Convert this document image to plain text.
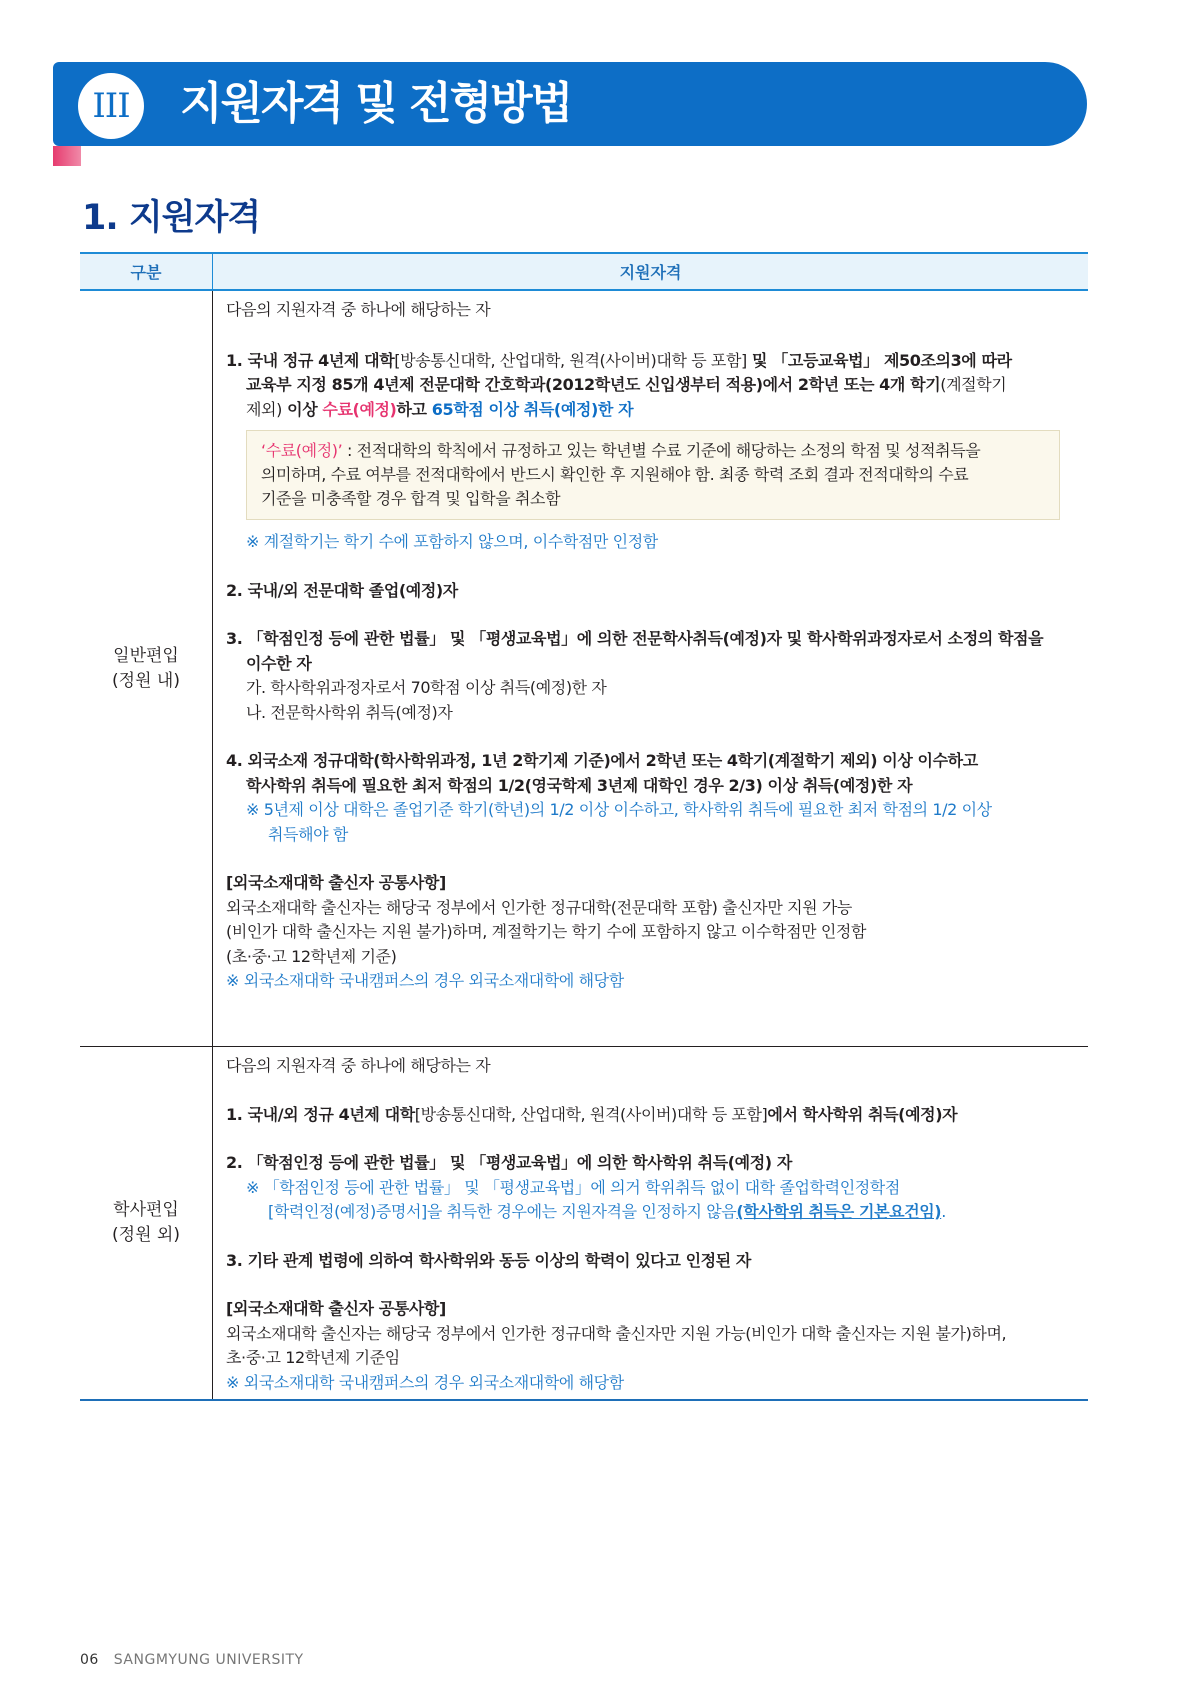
III	지원자격 및 전형방법
1. 지원자격
구분	지원자격
일반편입
(정원 내)
다음의 지원자격 중 하나에 해당하는 자
1. 국내 정규 4년제 대학[방송통신대학, 산업대학, 원격(사이버)대학 등 포함] 및 「고등교육법」 제50조의3에 따라
교육부 지정 85개 4년제 전문대학 간호학과(2012학년도 신입생부터 적용)에서 2학년 또는 4개 학기(계절학기
제외) 이상 수료(예정)하고 65학점 이상 취득(예정)한 자
‘수료(예정)’ : 전적대학의 학칙에서 규정하고 있는 학년별 수료 기준에 해당하는 소정의 학점 및 성적취득을
의미하며, 수료 여부를 전적대학에서 반드시 확인한 후 지원해야 함. 최종 학력 조회 결과 전적대학의 수료
기준을 미충족할 경우 합격 및 입학을 취소함
※ 계절학기는 학기 수에 포함하지 않으며, 이수학점만 인정함
2. 국내/외 전문대학 졸업(예정)자
3. 「학점인정 등에 관한 법률」 및 「평생교육법」에 의한 전문학사취득(예정)자 및 학사학위과정자로서 소정의 학점을
이수한 자
가. 학사학위과정자로서 70학점 이상 취득(예정)한 자
나. 전문학사학위 취득(예정)자
4. 외국소재 정규대학(학사학위과정, 1년 2학기제 기준)에서 2학년 또는 4학기(계절학기 제외) 이상 이수하고
학사학위 취득에 필요한 최저 학점의 1/2(영국학제 3년제 대학인 경우 2/3) 이상 취득(예정)한 자
※ 5년제 이상 대학은 졸업기준 학기(학년)의 1/2 이상 이수하고, 학사학위 취득에 필요한 최저 학점의 1/2 이상
취득해야 함
[외국소재대학 출신자 공통사항]
외국소재대학 출신자는 해당국 정부에서 인가한 정규대학(전문대학 포함) 출신자만 지원 가능
(비인가 대학 출신자는 지원 불가)하며, 계절학기는 학기 수에 포함하지 않고 이수학점만 인정함
(초·중·고 12학년제 기준)
※ 외국소재대학 국내캠퍼스의 경우 외국소재대학에 해당함
학사편입
(정원 외)
다음의 지원자격 중 하나에 해당하는 자
1. 국내/외 정규 4년제 대학[방송통신대학, 산업대학, 원격(사이버)대학 등 포함]에서 학사학위 취득(예정)자
2. 「학점인정 등에 관한 법률」 및 「평생교육법」에 의한 학사학위 취득(예정) 자
※ 「학점인정 등에 관한 법률」 및 「평생교육법」에 의거 학위취득 없이 대학 졸업학력인정학점
[학력인정(예정)증명서]을 취득한 경우에는 지원자격을 인정하지 않음(학사학위 취득은 기본요건임).
3. 기타 관계 법령에 의하여 학사학위와 동등 이상의 학력이 있다고 인정된 자
[외국소재대학 출신자 공통사항]
외국소재대학 출신자는 해당국 정부에서 인가한 정규대학 출신자만 지원 가능(비인가 대학 출신자는 지원 불가)하며,
초·중·고 12학년제 기준임
※ 외국소재대학 국내캠퍼스의 경우 외국소재대학에 해당함
06 SANGMYUNG UNIVERSITY
